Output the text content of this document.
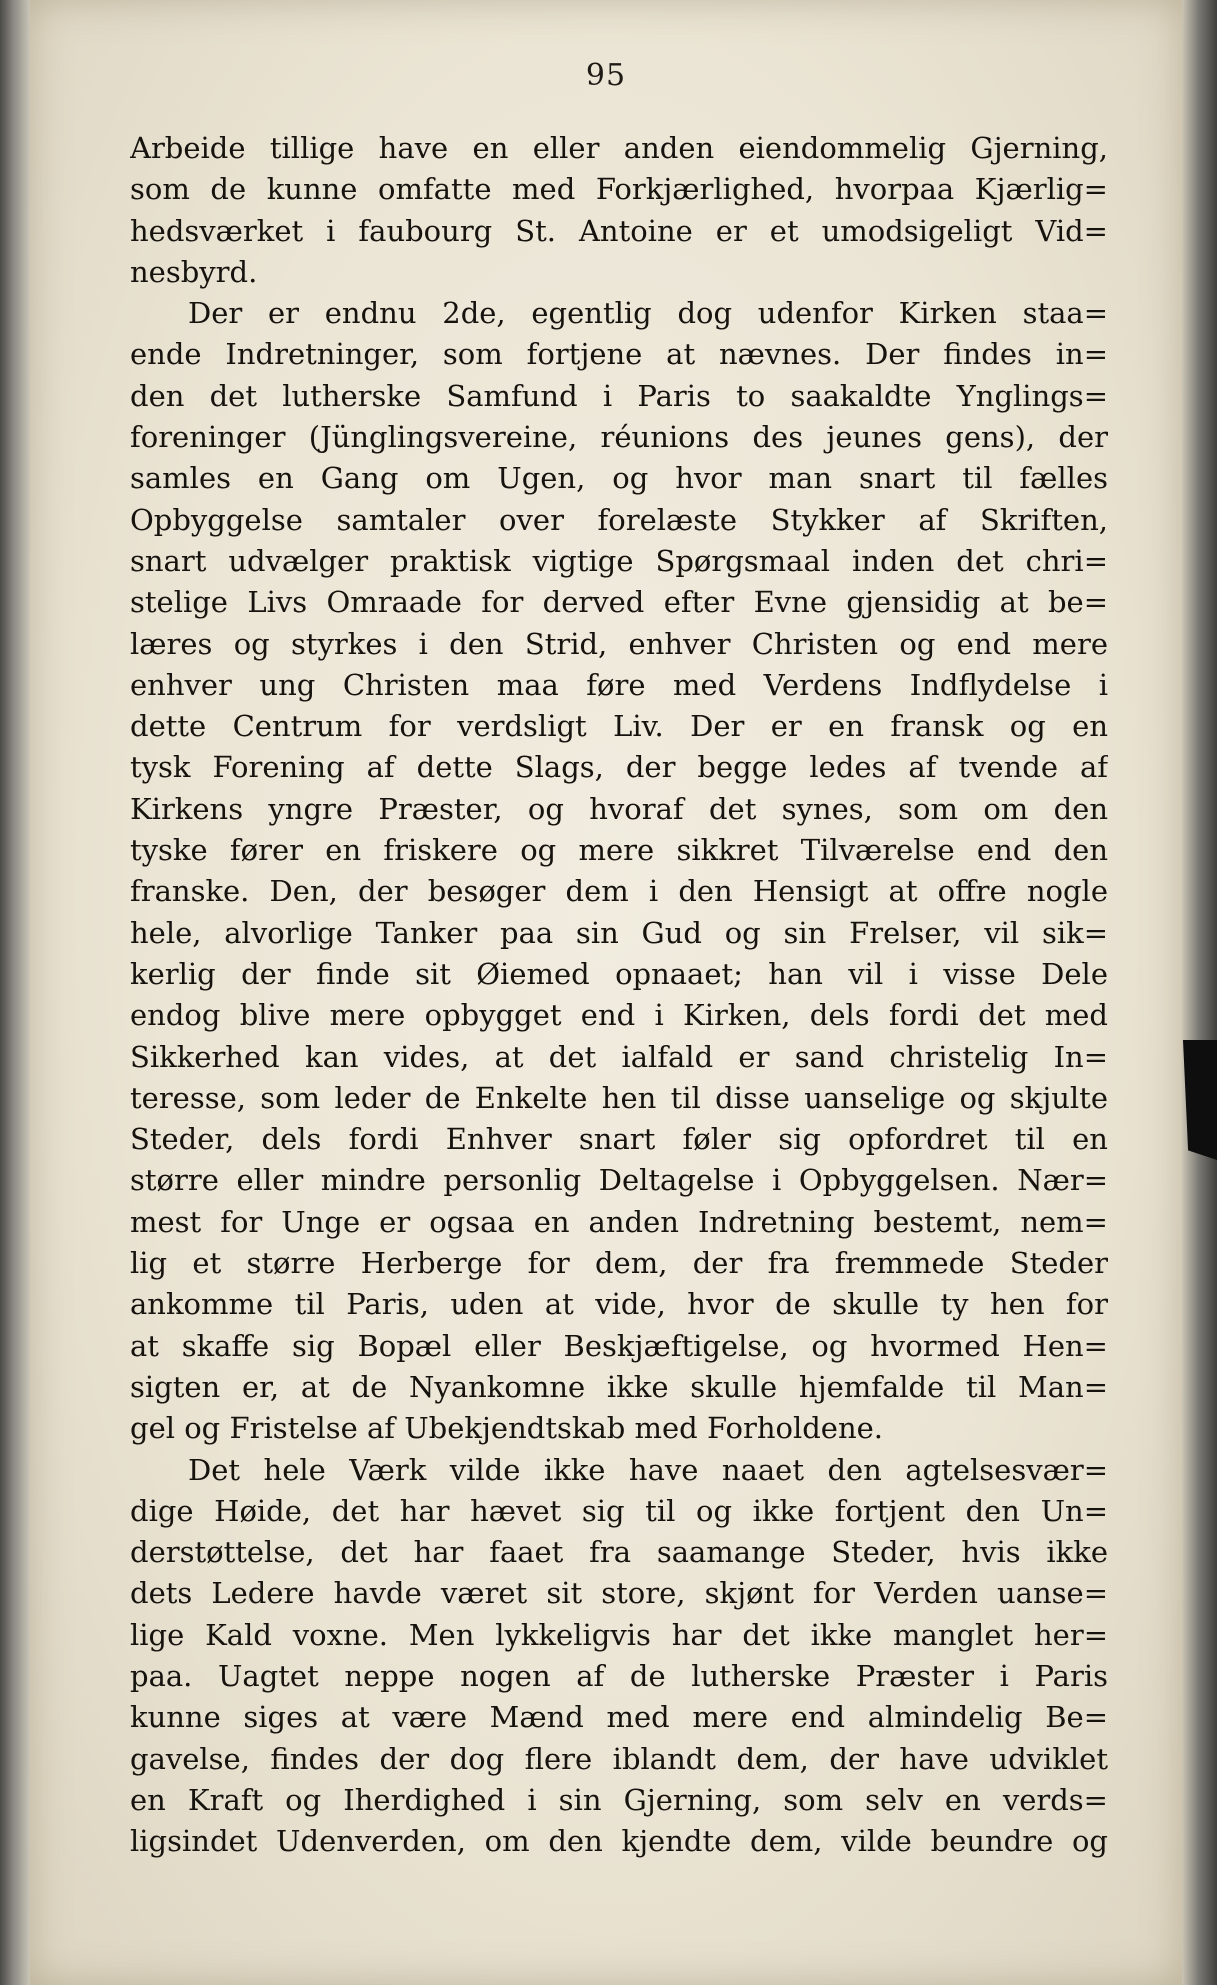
95
Arbeide tillige have en eller anden eiendommelig Gjerning,
som de kunne omfatte med Forkjærlighed, hvorpaa Kjærlig=
hedsværket i faubourg St. Antoine er et umodsigeligt Vid=
nesbyrd.
Der er endnu 2de, egentlig dog udenfor Kirken staa=
ende Indretninger, som fortjene at nævnes. Der findes in=
den det lutherske Samfund i Paris to saakaldte Ynglings=
foreninger (Jünglingsvereine, réunions des jeunes gens), der
samles en Gang om Ugen, og hvor man snart til fælles
Opbyggelse samtaler over forelæste Stykker af Skriften,
snart udvælger praktisk vigtige Spørgsmaal inden det chri=
stelige Livs Omraade for derved efter Evne gjensidig at be=
læres og styrkes i den Strid, enhver Christen og end mere
enhver ung Christen maa føre med Verdens Indflydelse i
dette Centrum for verdsligt Liv. Der er en fransk og en
tysk Forening af dette Slags, der begge ledes af tvende af
Kirkens yngre Præster, og hvoraf det synes, som om den
tyske fører en friskere og mere sikkret Tilværelse end den
franske. Den, der besøger dem i den Hensigt at offre nogle
hele, alvorlige Tanker paa sin Gud og sin Frelser, vil sik=
kerlig der finde sit Øiemed opnaaet; han vil i visse Dele
endog blive mere opbygget end i Kirken, dels fordi det med
Sikkerhed kan vides, at det ialfald er sand christelig In=
teresse, som leder de Enkelte hen til disse uanselige og skjulte
Steder, dels fordi Enhver snart føler sig opfordret til en
større eller mindre personlig Deltagelse i Opbyggelsen. Nær=
mest for Unge er ogsaa en anden Indretning bestemt, nem=
lig et større Herberge for dem, der fra fremmede Steder
ankomme til Paris, uden at vide, hvor de skulle ty hen for
at skaffe sig Bopæl eller Beskjæftigelse, og hvormed Hen=
sigten er, at de Nyankomne ikke skulle hjemfalde til Man=
gel og Fristelse af Ubekjendtskab med Forholdene.
Det hele Værk vilde ikke have naaet den agtelsesvær=
dige Høide, det har hævet sig til og ikke fortjent den Un=
derstøttelse, det har faaet fra saamange Steder, hvis ikke
dets Ledere havde været sit store, skjønt for Verden uanse=
lige Kald voxne. Men lykkeligvis har det ikke manglet her=
paa. Uagtet neppe nogen af de lutherske Præster i Paris
kunne siges at være Mænd med mere end almindelig Be=
gavelse, findes der dog flere iblandt dem, der have udviklet
en Kraft og Iherdighed i sin Gjerning, som selv en verds=
ligsindet Udenverden, om den kjendte dem, vilde beundre og
